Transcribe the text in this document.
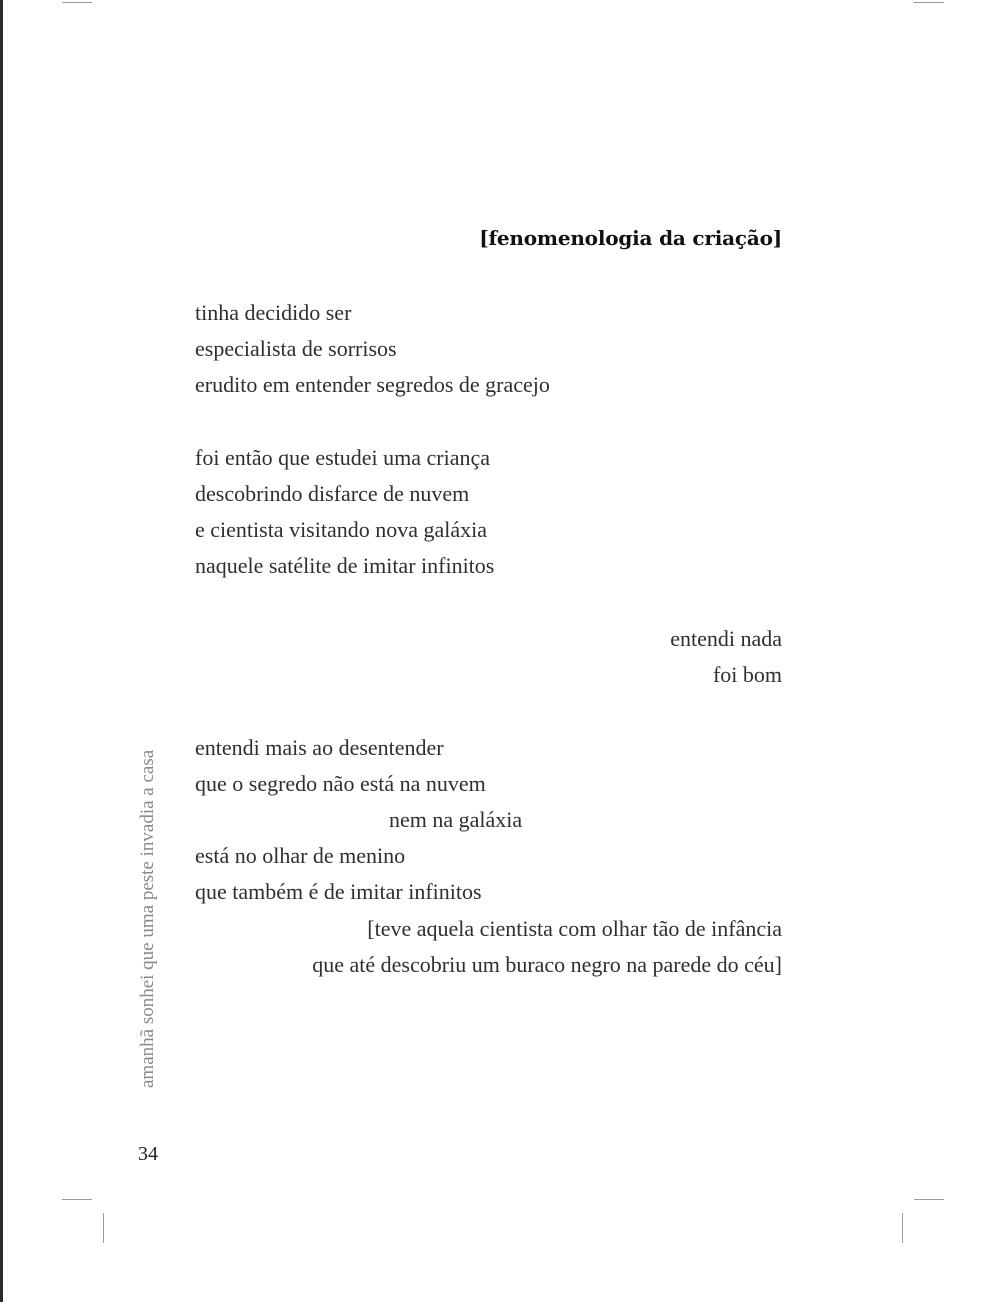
[fenomenologia da criação]
tinha decidido ser
especialista de sorrisos
erudito em entender segredos de gracejo
foi então que estudei uma criança
descobrindo disfarce de nuvem
e cientista visitando nova galáxia
naquele satélite de imitar infinitos
entendi nada
foi bom
entendi mais ao desentender
que o segredo não está na nuvem
nem na galáxia
está no olhar de menino
que também é de imitar infinitos
[teve aquela cientista com olhar tão de infância
que até descobriu um buraco negro na parede do céu]
amanhã sonhei que uma peste invadia a casa
34
